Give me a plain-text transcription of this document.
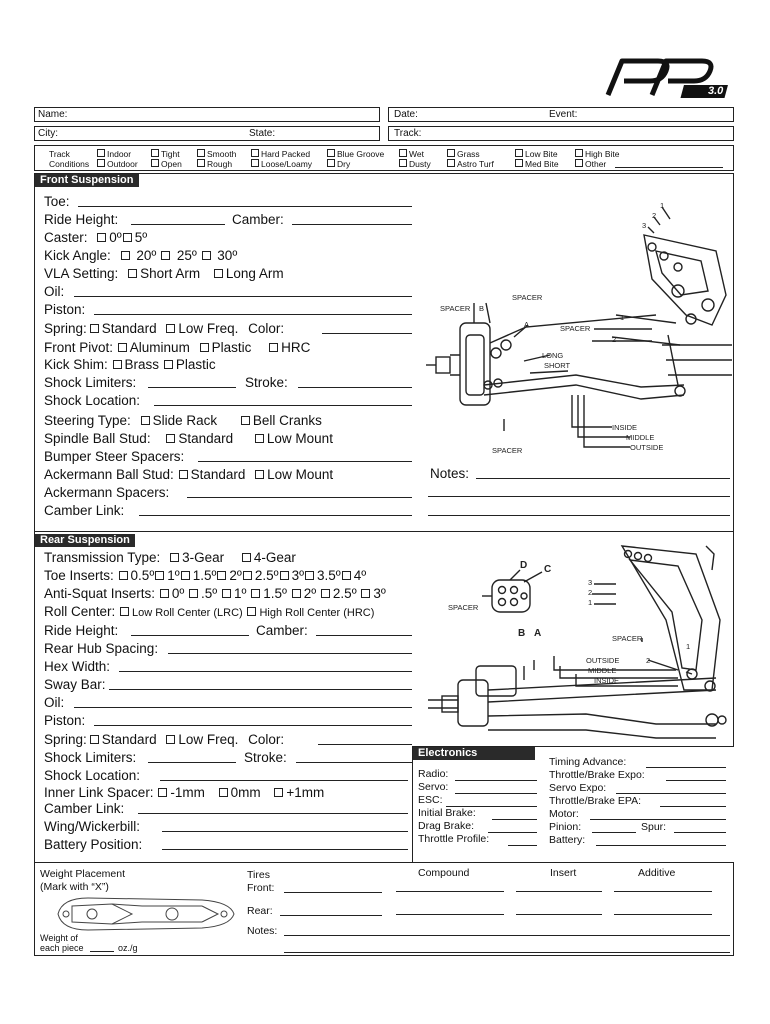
3.0
Name:	Date:	Event:
City:	State:	Track:
Track
Conditions
Indoor
Outdoor
Tight
Open
Smooth
Rough
Hard Packed
Loose/Loamy
Blue Groove
Dry
Wet
Dusty
Grass
Astro Turf
Low Bite
Med Bite
High Bite
Other
Front Suspension
Toe:
Ride Height:	Camber:
Caster: 0º 5º
Kick Angle: 20º 25º 30º
VLA Setting: Short Arm Long Arm
Oil:
Piston:
Spring: Standard Low Freq. Color:
Front Pivot: Aluminum Plastic HRC
Kick Shim: Brass Plastic
Shock Limiters:	Stroke:
Shock Location:
Steering Type: Slide Rack	Bell Cranks
Spindle Ball Stud: Standard	Low Mount
Bumper Steer Spacers:
Ackermann Ball Stud: Standard Low Mount
Ackermann Spacers:
Camber Link:
Notes:
SPACER B
A
SPACER
SPACER
LONG
SHORT
SPACER
INSIDE
MIDDLE
OUTSIDE
1
2
3
1
2
Rear Suspension
Transmission Type: 3-Gear 4-Gear
Toe Inserts: 0.5º 1º 1.5º 2º 2.5º 3º 3.5º 4º
Anti-Squat Inserts: 0º .5º 1º 1.5º 2º 2.5º 3º
Roll Center: Low Roll Center (LRC) High Roll Center (HRC)
Ride Height:	Camber:
Rear Hub Spacing:
Hex Width:
Sway Bar:
Oil:
Piston:
Spring: Standard Low Freq. Color:
Shock Limiters:	Stroke:
Shock Location:
Inner Link Spacer: -1mm 0mm +1mm
Camber Link:
Wing/Wickerbill:
Battery Position:
D C
B A
SPACER
SPACER
3
2
1
1
2
OUTSIDE
MIDDLE
INSIDE
Electronics
Radio:
Servo:
ESC:
Initial Brake:
Drag Brake:
Throttle Profile:
Timing Advance:
Throttle/Brake Expo:
Servo Expo:
Throttle/Brake EPA:
Motor:
Pinion:	Spur:
Battery:
Weight Placement
(Mark with “X”)
Weight of
each piece	oz./g
Tires	Compound	Insert	Additive
Front:
Rear:
Notes:
